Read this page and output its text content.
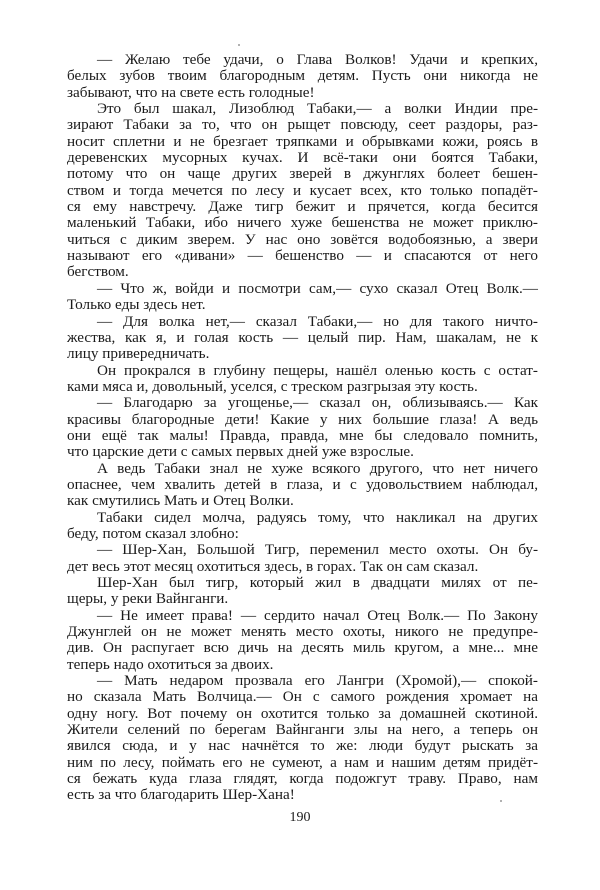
— Желаю тебе удачи, о Глава Волков! Удачи и крепких,
белых зубов твоим благородным детям. Пусть они никогда не
забывают, что на свете есть голодные!
Это был шакал, Лизоблюд Табаки,— а волки Индии пре-
зирают Табаки за то, что он рыщет повсюду, сеет раздоры, раз-
носит сплетни и не брезгает тряпками и обрывками кожи, роясь в
деревенских мусорных кучах. И всё-таки они боятся Табаки,
потому что он чаще других зверей в джунглях болеет бешен-
ством и тогда мечется по лесу и кусает всех, кто только попадёт-
ся ему навстречу. Даже тигр бежит и прячется, когда бесится
маленький Табаки, ибо ничего хуже бешенства не может приклю-
читься с диким зверем. У нас оно зовётся водобоязнью, а звери
называют его «дивани» — бешенство — и спасаются от него
бегством.
— Что ж, войди и посмотри сам,— сухо сказал Отец Волк.—
Только еды здесь нет.
— Для волка нет,— сказал Табаки,— но для такого ничто-
жества, как я, и голая кость — целый пир. Нам, шакалам, не к
лицу привередничать.
Он прокрался в глубину пещеры, нашёл оленью кость с остат-
ками мяса и, довольный, уселся, с треском разгрызая эту кость.
— Благодарю за угощенье,— сказал он, облизываясь.— Как
красивы благородные дети! Какие у них большие глаза! А ведь
они ещё так малы! Правда, правда, мне бы следовало помнить,
что царские дети с самых первых дней уже взрослые.
А ведь Табаки знал не хуже всякого другого, что нет ничего
опаснее, чем хвалить детей в глаза, и с удовольствием наблюдал,
как смутились Мать и Отец Волки.
Табаки сидел молча, радуясь тому, что накликал на других
беду, потом сказал злобно:
— Шер-Хан, Большой Тигр, переменил место охоты. Он бу-
дет весь этот месяц охотиться здесь, в горах. Так он сам сказал.
Шер-Хан был тигр, который жил в двадцати милях от пе-
щеры, у реки Вайнганги.
— Не имеет права! — сердито начал Отец Волк.— По Закону
Джунглей он не может менять место охоты, никого не предупре-
див. Он распугает всю дичь на десять миль кругом, а мне... мне
теперь надо охотиться за двоих.
— Мать недаром прозвала его Лангри (Хромой),— спокой-
но сказала Мать Волчица.— Он с самого рождения хромает на
одну ногу. Вот почему он охотится только за домашней скотиной.
Жители селений по берегам Вайнганги злы на него, а теперь он
явился сюда, и у нас начнётся то же: люди будут рыскать за
ним по лесу, поймать его не сумеют, а нам и нашим детям придёт-
ся бежать куда глаза глядят, когда подожгут траву. Право, нам
есть за что благодарить Шер-Хана!
190
